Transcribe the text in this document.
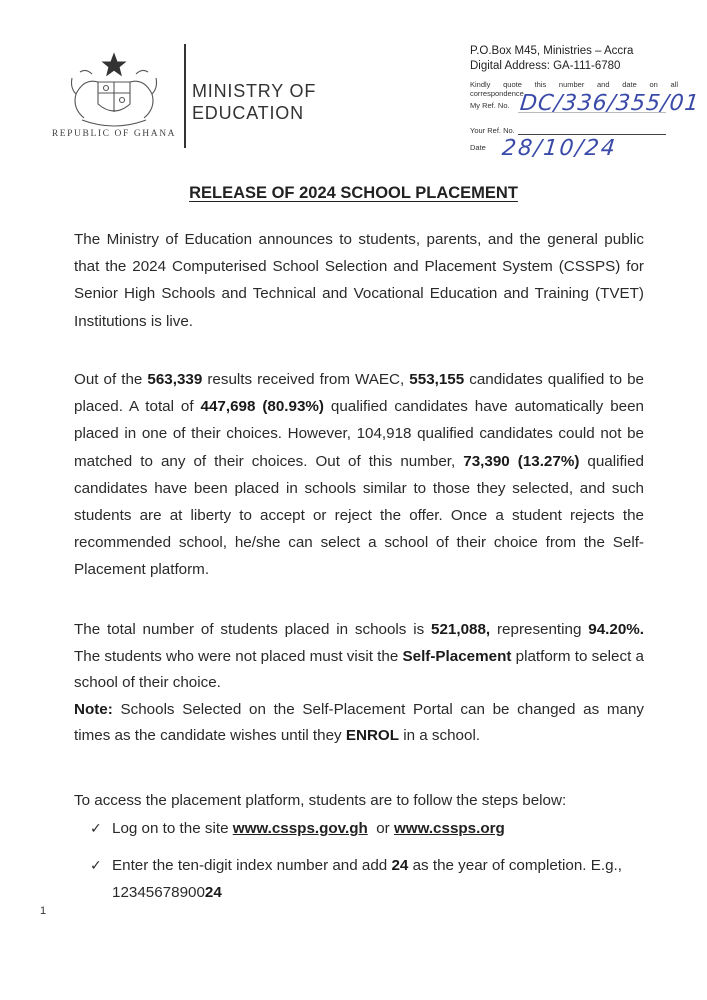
REPUBLIC OF GHANA
MINISTRY OF
EDUCATION
P.O.Box M45, Ministries – Accra
Digital Address: GA-111-6780
Kindly quote this number and date on all
correspondence
My Ref. No. DC/336/355/01
Your Ref. No.
Date 28/10/24
RELEASE OF 2024 SCHOOL PLACEMENT
The Ministry of Education announces to students, parents, and the general public that the 2024 Computerised School Selection and Placement System (CSSPS) for Senior High Schools and Technical and Vocational Education and Training (TVET) Institutions is live.
Out of the 563,339 results received from WAEC, 553,155 candidates qualified to be placed. A total of 447,698 (80.93%) qualified candidates have automatically been placed in one of their choices. However, 104,918 qualified candidates could not be matched to any of their choices. Out of this number, 73,390 (13.27%) qualified candidates have been placed in schools similar to those they selected, and such students are at liberty to accept or reject the offer. Once a student rejects the recommended school, he/she can select a school of their choice from the Self-Placement platform.
The total number of students placed in schools is 521,088, representing 94.20%. The students who were not placed must visit the Self-Placement platform to select a school of their choice.
Note: Schools Selected on the Self-Placement Portal can be changed as many times as the candidate wishes until they ENROL in a school.
To access the placement platform, students are to follow the steps below:
✓ Log on to the site www.cssps.gov.gh  or www.cssps.org
✓ Enter the ten-digit index number and add 24 as the year of completion. E.g., 1234567890024
1
